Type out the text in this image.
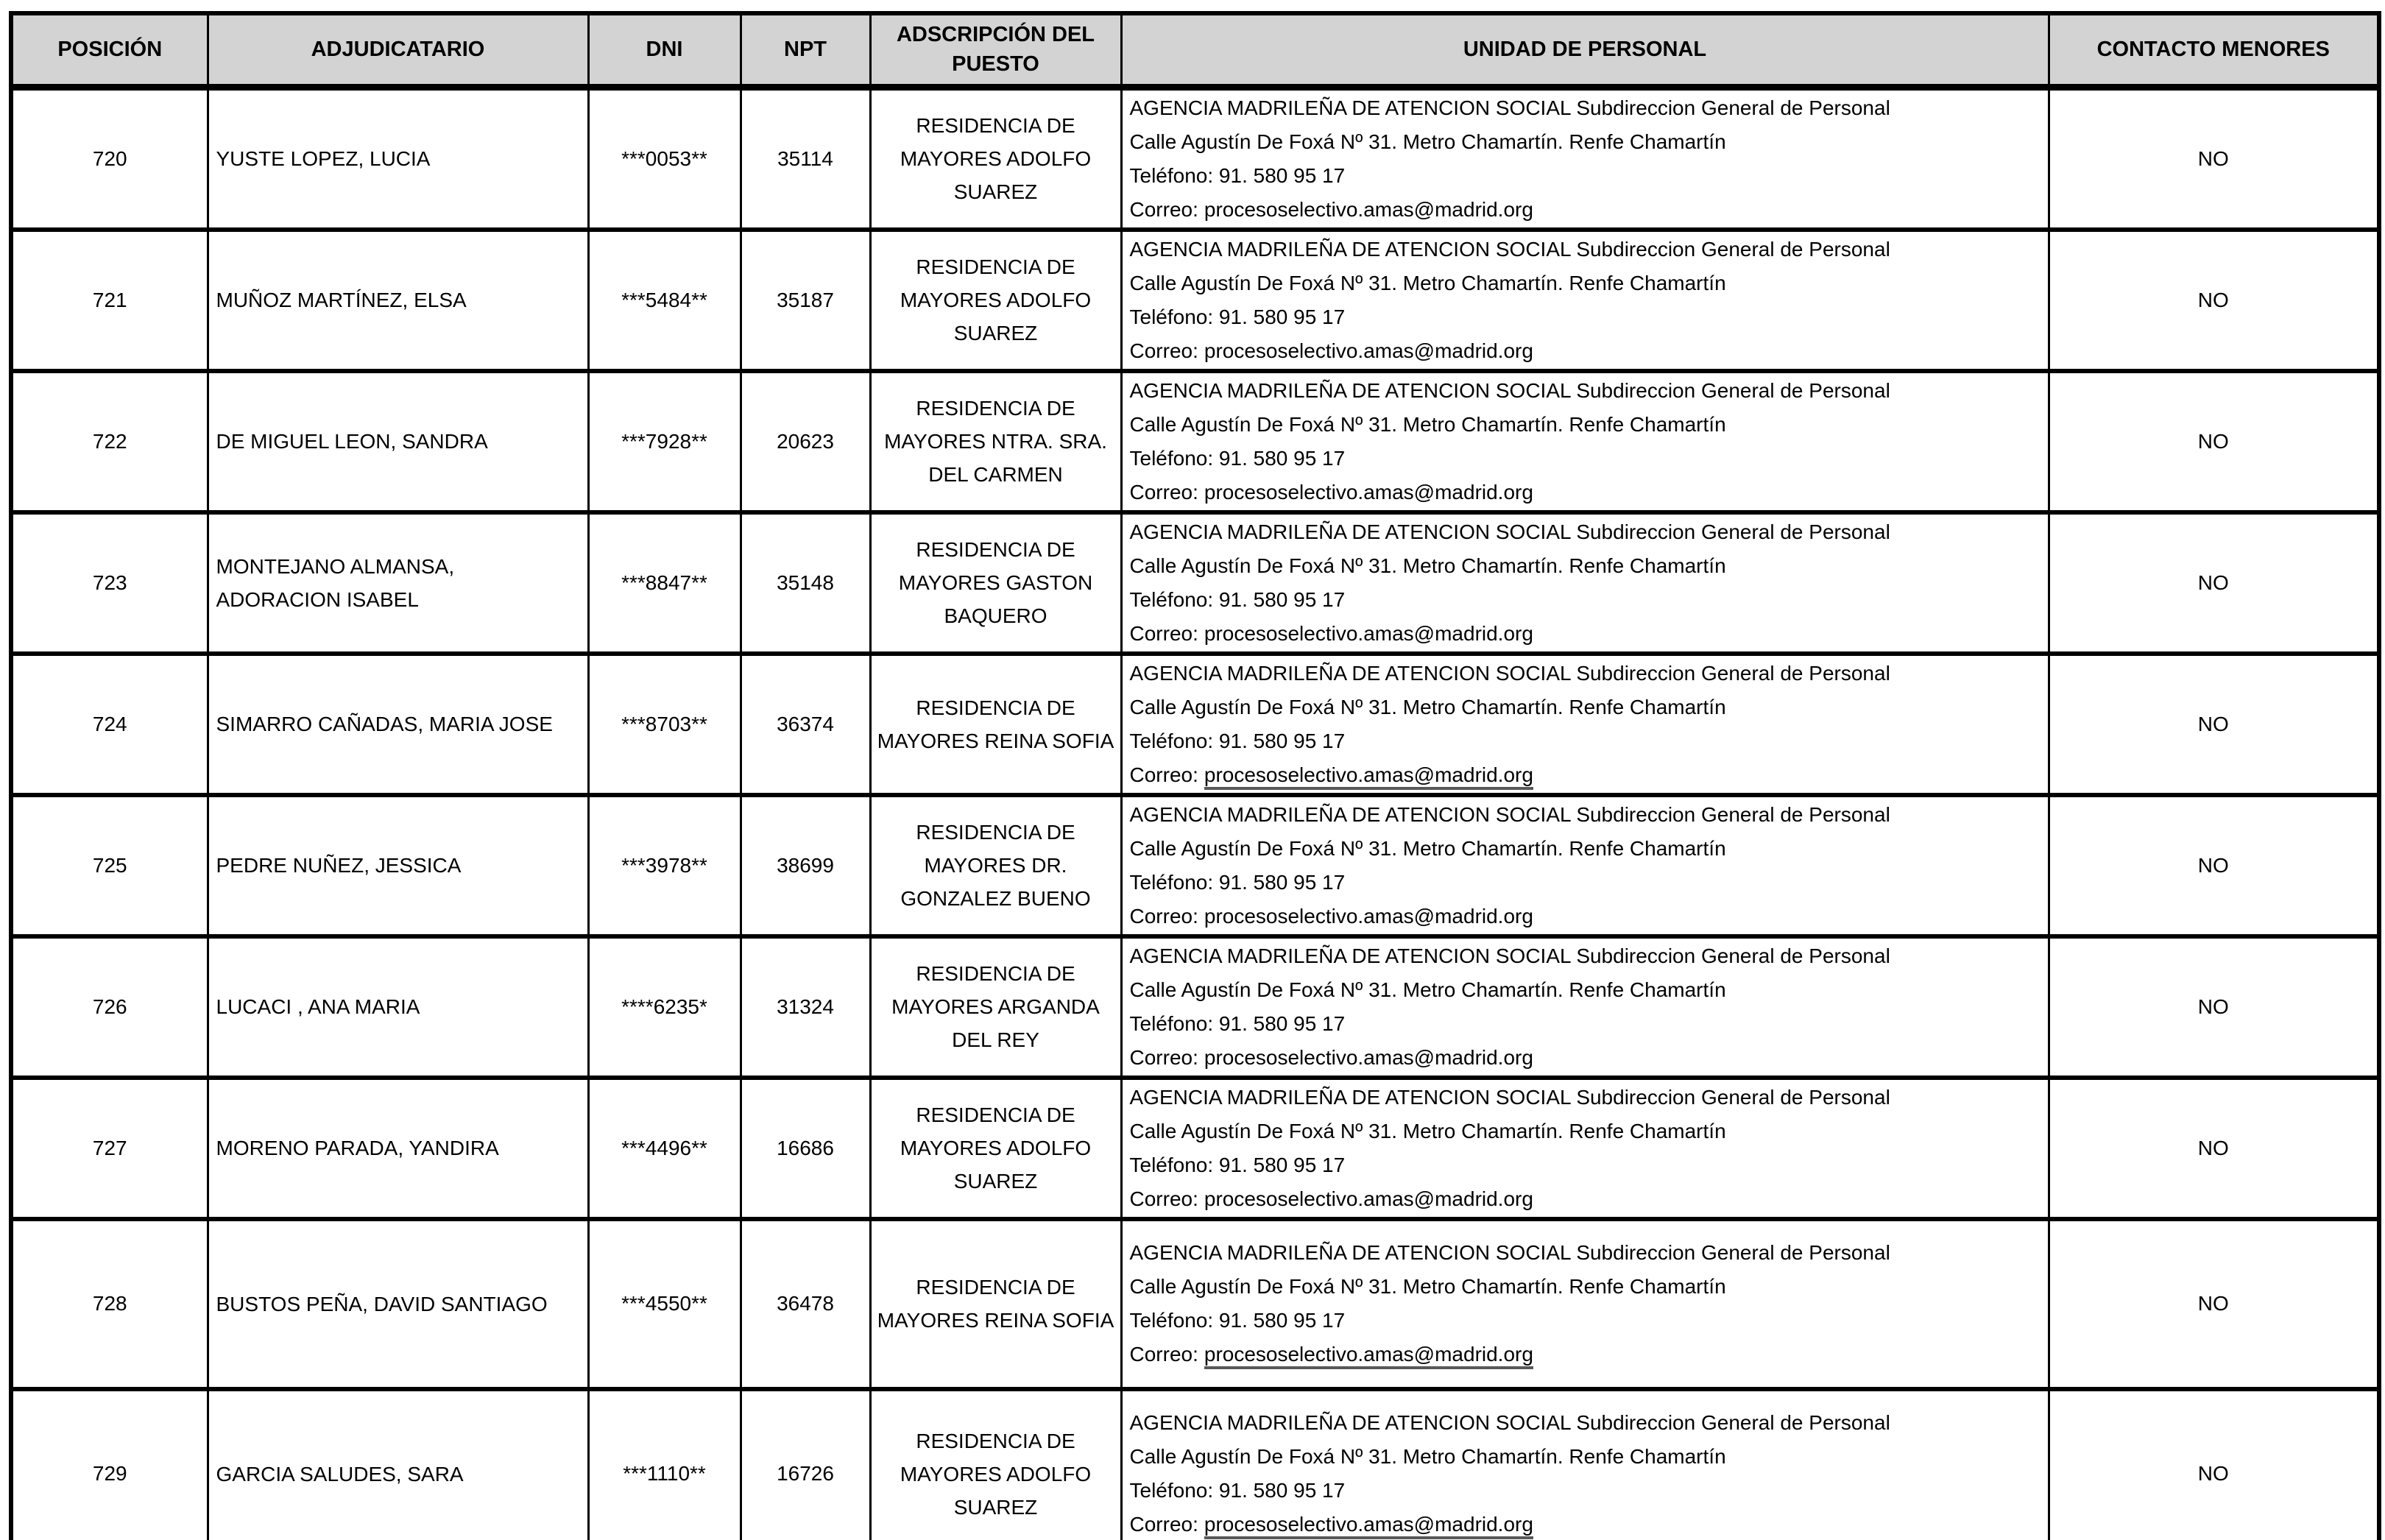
POSICIÓN	ADJUDICATARIO	DNI	NPT	ADSCRIPCIÓN DEL PUESTO	UNIDAD DE PERSONAL	CONTACTO MENORES
720	YUSTE LOPEZ, LUCIA	***0053**	35114	RESIDENCIA DE MAYORES ADOLFO SUAREZ	AGENCIA MADRILEÑA DE ATENCION SOCIAL Subdireccion General de Personal
Calle Agustín De Foxá Nº 31. Metro Chamartín. Renfe Chamartín
Teléfono: 91. 580 95 17
Correo: procesoselectivo.amas@madrid.org	NO
721	MUÑOZ MARTÍNEZ, ELSA	***5484**	35187	RESIDENCIA DE MAYORES ADOLFO SUAREZ	AGENCIA MADRILEÑA DE ATENCION SOCIAL Subdireccion General de Personal
Calle Agustín De Foxá Nº 31. Metro Chamartín. Renfe Chamartín
Teléfono: 91. 580 95 17
Correo: procesoselectivo.amas@madrid.org	NO
722	DE MIGUEL LEON, SANDRA	***7928**	20623	RESIDENCIA DE MAYORES NTRA. SRA. DEL CARMEN	AGENCIA MADRILEÑA DE ATENCION SOCIAL Subdireccion General de Personal
Calle Agustín De Foxá Nº 31. Metro Chamartín. Renfe Chamartín
Teléfono: 91. 580 95 17
Correo: procesoselectivo.amas@madrid.org	NO
723	MONTEJANO ALMANSA, ADORACION ISABEL	***8847**	35148	RESIDENCIA DE MAYORES GASTON BAQUERO	AGENCIA MADRILEÑA DE ATENCION SOCIAL Subdireccion General de Personal
Calle Agustín De Foxá Nº 31. Metro Chamartín. Renfe Chamartín
Teléfono: 91. 580 95 17
Correo: procesoselectivo.amas@madrid.org	NO
724	SIMARRO CAÑADAS, MARIA JOSE	***8703**	36374	RESIDENCIA DE MAYORES REINA SOFIA	AGENCIA MADRILEÑA DE ATENCION SOCIAL Subdireccion General de Personal
Calle Agustín De Foxá Nº 31. Metro Chamartín. Renfe Chamartín
Teléfono: 91. 580 95 17
Correo: procesoselectivo.amas@madrid.org	NO
725	PEDRE NUÑEZ, JESSICA	***3978**	38699	RESIDENCIA DE MAYORES DR. GONZALEZ BUENO	AGENCIA MADRILEÑA DE ATENCION SOCIAL Subdireccion General de Personal
Calle Agustín De Foxá Nº 31. Metro Chamartín. Renfe Chamartín
Teléfono: 91. 580 95 17
Correo: procesoselectivo.amas@madrid.org	NO
726	LUCACI , ANA MARIA	****6235*	31324	RESIDENCIA DE MAYORES ARGANDA DEL REY	AGENCIA MADRILEÑA DE ATENCION SOCIAL Subdireccion General de Personal
Calle Agustín De Foxá Nº 31. Metro Chamartín. Renfe Chamartín
Teléfono: 91. 580 95 17
Correo: procesoselectivo.amas@madrid.org	NO
727	MORENO PARADA, YANDIRA	***4496**	16686	RESIDENCIA DE MAYORES ADOLFO SUAREZ	AGENCIA MADRILEÑA DE ATENCION SOCIAL Subdireccion General de Personal
Calle Agustín De Foxá Nº 31. Metro Chamartín. Renfe Chamartín
Teléfono: 91. 580 95 17
Correo: procesoselectivo.amas@madrid.org	NO
728	BUSTOS PEÑA, DAVID SANTIAGO	***4550**	36478	RESIDENCIA DE MAYORES REINA SOFIA	AGENCIA MADRILEÑA DE ATENCION SOCIAL Subdireccion General de Personal
Calle Agustín De Foxá Nº 31. Metro Chamartín. Renfe Chamartín
Teléfono: 91. 580 95 17
Correo: procesoselectivo.amas@madrid.org	NO
729	GARCIA SALUDES, SARA	***1110**	16726	RESIDENCIA DE MAYORES ADOLFO SUAREZ	AGENCIA MADRILEÑA DE ATENCION SOCIAL Subdireccion General de Personal
Calle Agustín De Foxá Nº 31. Metro Chamartín. Renfe Chamartín
Teléfono: 91. 580 95 17
Correo: procesoselectivo.amas@madrid.org	NO
